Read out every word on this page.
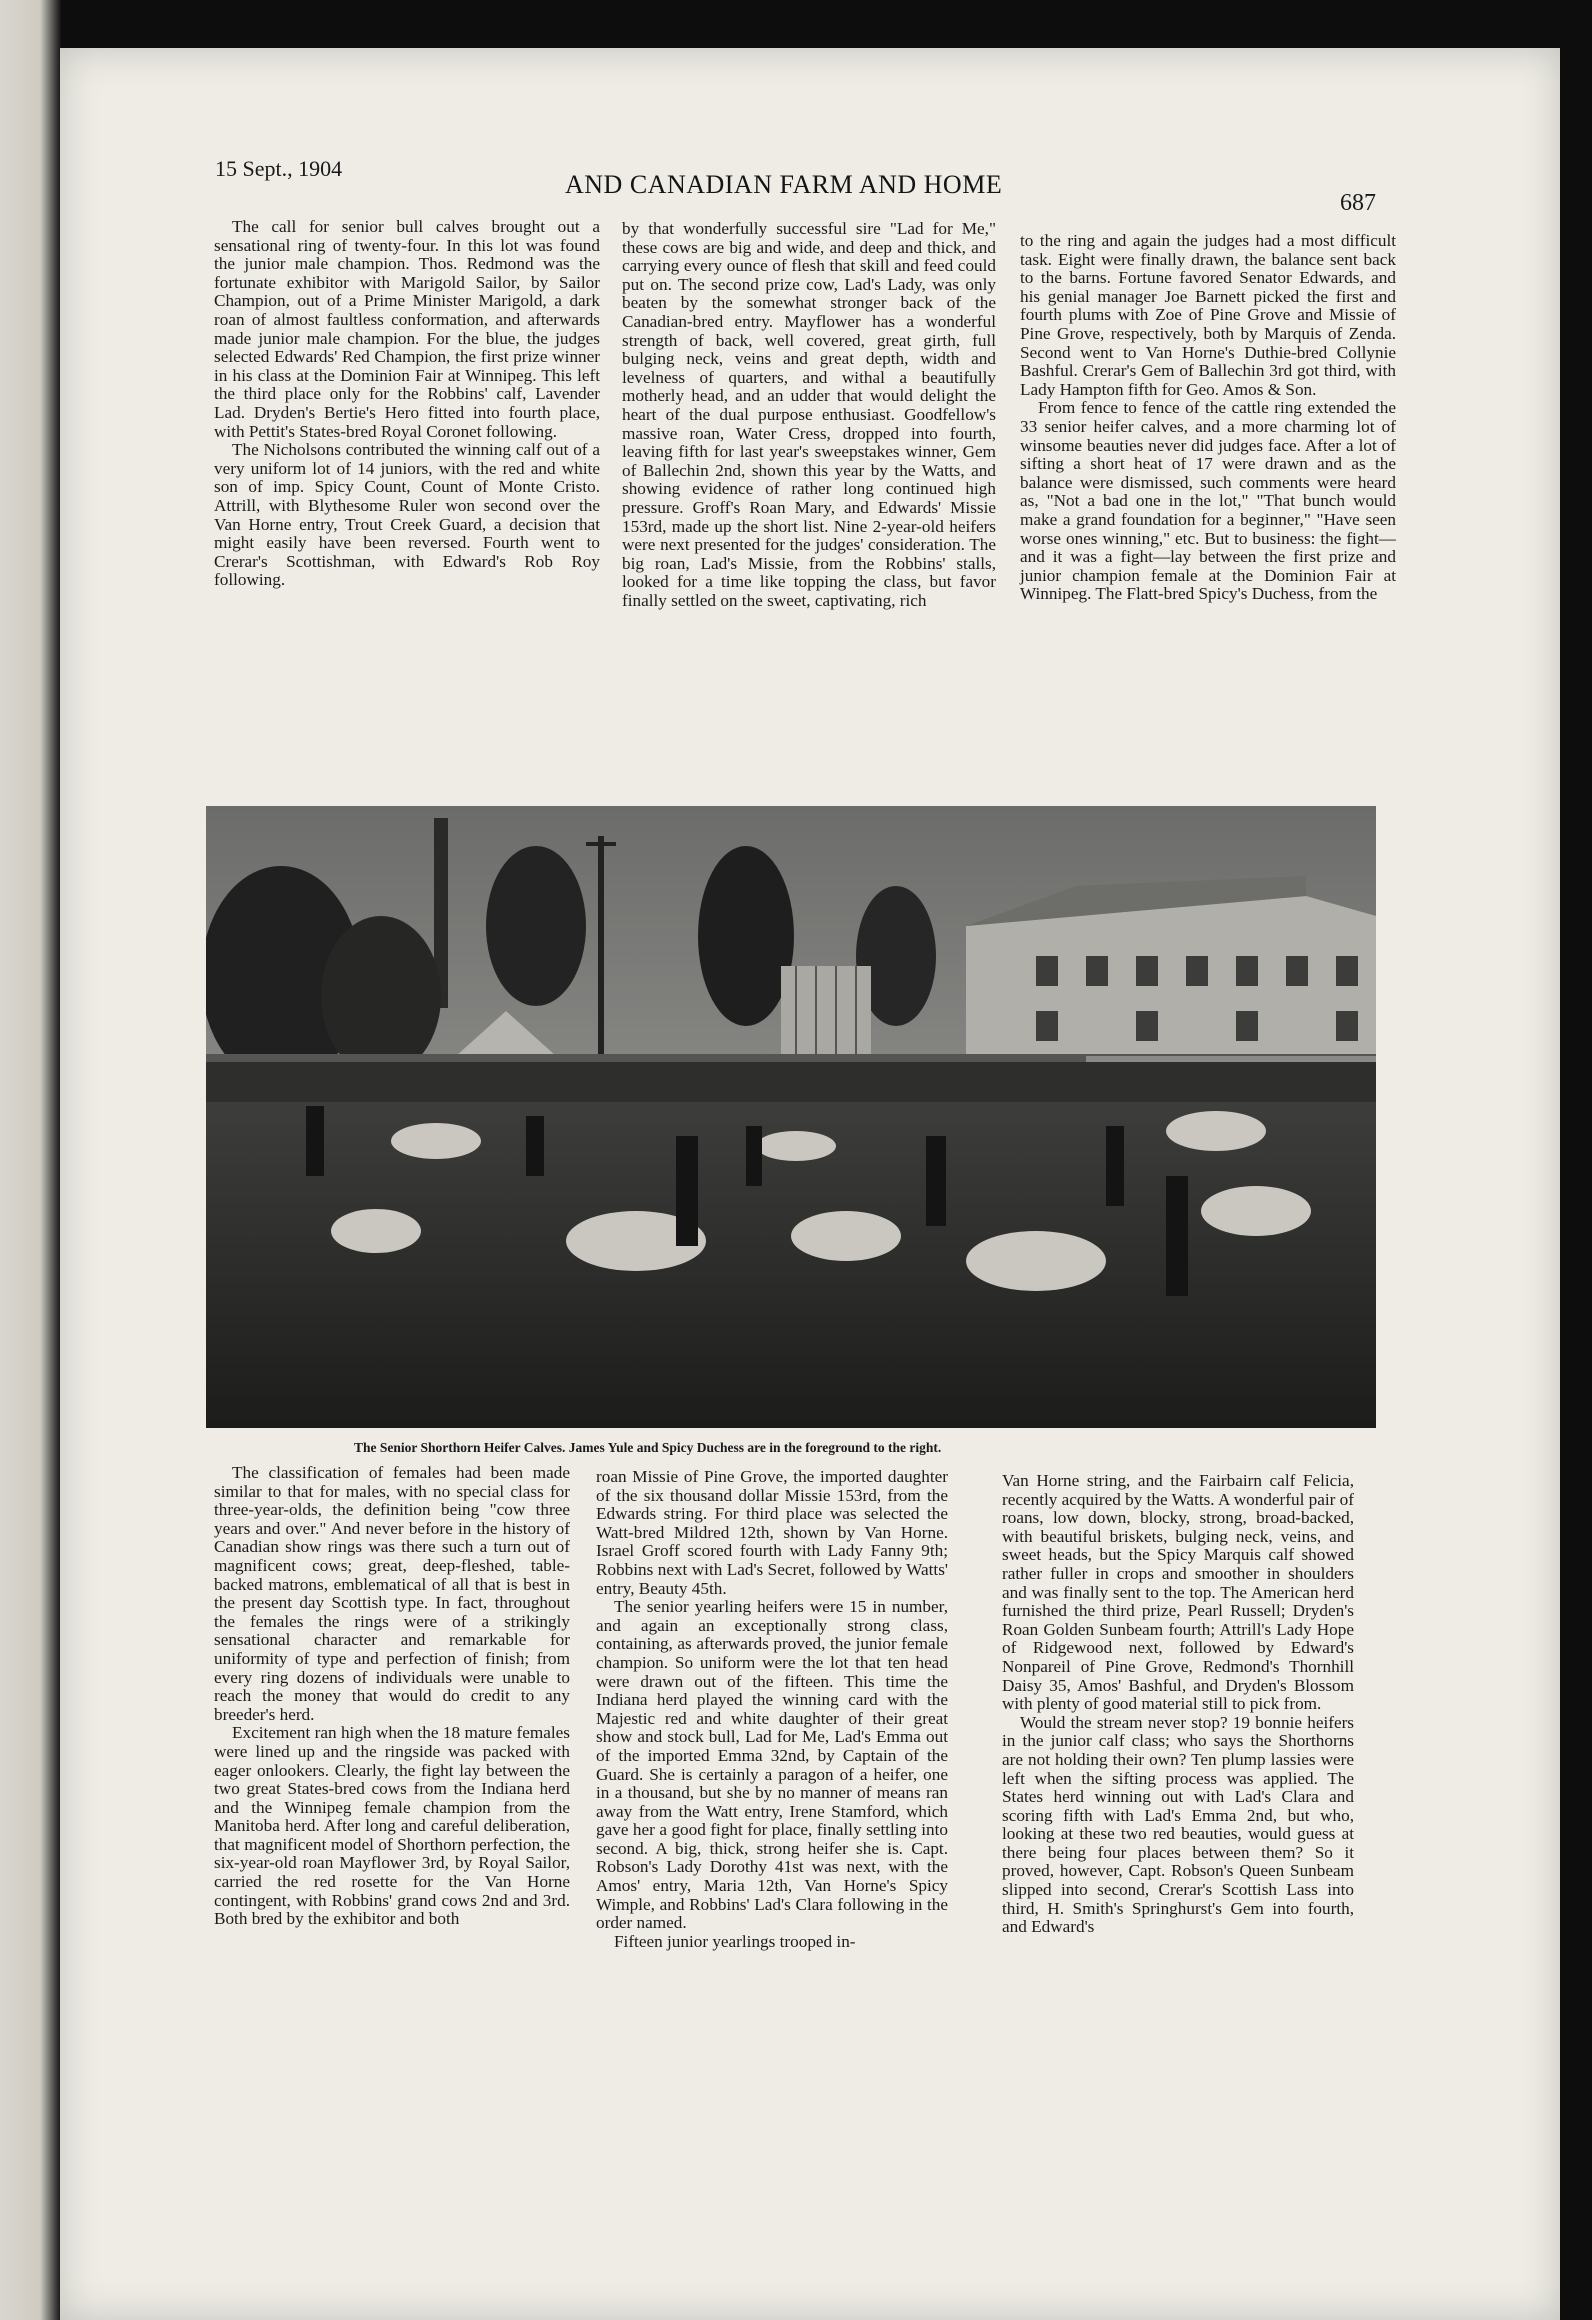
15 Sept., 1904
AND CANADIAN FARM AND HOME
687

The call for senior bull calves brought out a sensational ring of twenty-four. In this lot was found the junior male champion. Thos. Redmond was the fortunate exhibitor with Marigold Sailor, by Sailor Champion, out of a Prime Minister Marigold, a dark roan of almost faultless conformation, and afterwards made junior male champion. For the blue, the judges selected Edwards' Red Champion, the first prize winner in his class at the Dominion Fair at Winnipeg. This left the third place only for the Robbins' calf, Lavender Lad. Dryden's Bertie's Hero fitted into fourth place, with Pettit's States-bred Royal Coronet following.

The Nicholsons contributed the winning calf out of a very uniform lot of 14 juniors, with the red and white son of imp. Spicy Count, Count of Monte Cristo. Attrill, with Blythesome Ruler won second over the Van Horne entry, Trout Creek Guard, a decision that might easily have been reversed. Fourth went to Crerar's Scottishman, with Edward's Rob Roy following.

by that wonderfully successful sire "Lad for Me," these cows are big and wide, and deep and thick, and carrying every ounce of flesh that skill and feed could put on. The second prize cow, Lad's Lady, was only beaten by the somewhat stronger back of the Canadian-bred entry. Mayflower has a wonderful strength of back, well covered, great girth, full bulging neck, veins and great depth, width and levelness of quarters, and withal a beautifully motherly head, and an udder that would delight the heart of the dual purpose enthusiast. Goodfellow's massive roan, Water Cress, dropped into fourth, leaving fifth for last year's sweepstakes winner, Gem of Ballechin 2nd, shown this year by the Watts, and showing evidence of rather long continued high pressure. Groff's Roan Mary, and Edwards' Missie 153rd, made up the short list. Nine 2-year-old heifers were next presented for the judges' consideration. The big roan, Lad's Missie, from the Robbins' stalls, looked for a time like topping the class, but favor finally settled on the sweet, captivating, rich

to the ring and again the judges had a most difficult task. Eight were finally drawn, the balance sent back to the barns. Fortune favored Senator Edwards, and his genial manager Joe Barnett picked the first and fourth plums with Zoe of Pine Grove and Missie of Pine Grove, respectively, both by Marquis of Zenda. Second went to Van Horne's Duthie-bred Collynie Bashful. Crerar's Gem of Ballechin 3rd got third, with Lady Hampton fifth for Geo. Amos & Son.

From fence to fence of the cattle ring extended the 33 senior heifer calves, and a more charming lot of winsome beauties never did judges face. After a lot of sifting a short heat of 17 were drawn and as the balance were dismissed, such comments were heard as, "Not a bad one in the lot," "That bunch would make a grand foundation for a beginner," "Have seen worse ones winning," etc. But to business: the fight—and it was a fight—lay between the first prize and junior champion female at the Dominion Fair at Winnipeg. The Flatt-bred Spicy's Duchess, from the

The Senior Shorthorn Heifer Calves. James Yule and Spicy Duchess are in the foreground to the right.

The classification of females had been made similar to that for males, with no special class for three-year-olds, the definition being "cow three years and over." And never before in the history of Canadian show rings was there such a turn out of magnificent cows; great, deep-fleshed, table-backed matrons, emblematical of all that is best in the present day Scottish type. In fact, throughout the females the rings were of a strikingly sensational character and remarkable for uniformity of type and perfection of finish; from every ring dozens of individuals were unable to reach the money that would do credit to any breeder's herd.

Excitement ran high when the 18 mature females were lined up and the ringside was packed with eager onlookers. Clearly, the fight lay between the two great States-bred cows from the Indiana herd and the Winnipeg female champion from the Manitoba herd. After long and careful deliberation, that magnificent model of Shorthorn perfection, the six-year-old roan Mayflower 3rd, by Royal Sailor, carried the red rosette for the Van Horne contingent, with Robbins' grand cows 2nd and 3rd. Both bred by the exhibitor and both

roan Missie of Pine Grove, the imported daughter of the six thousand dollar Missie 153rd, from the Edwards string. For third place was selected the Watt-bred Mildred 12th, shown by Van Horne. Israel Groff scored fourth with Lady Fanny 9th; Robbins next with Lad's Secret, followed by Watts' entry, Beauty 45th.

The senior yearling heifers were 15 in number, and again an exceptionally strong class, containing, as afterwards proved, the junior female champion. So uniform were the lot that ten head were drawn out of the fifteen. This time the Indiana herd played the winning card with the Majestic red and white daughter of their great show and stock bull, Lad for Me, Lad's Emma out of the imported Emma 32nd, by Captain of the Guard. She is certainly a paragon of a heifer, one in a thousand, but she by no manner of means ran away from the Watt entry, Irene Stamford, which gave her a good fight for place, finally settling into second. A big, thick, strong heifer she is. Capt. Robson's Lady Dorothy 41st was next, with the Amos' entry, Maria 12th, Van Horne's Spicy Wimple, and Robbins' Lad's Clara following in the order named.

Fifteen junior yearlings trooped in-

Van Horne string, and the Fairbairn calf Felicia, recently acquired by the Watts. A wonderful pair of roans, low down, blocky, strong, broad-backed, with beautiful briskets, bulging neck, veins, and sweet heads, but the Spicy Marquis calf showed rather fuller in crops and smoother in shoulders and was finally sent to the top. The American herd furnished the third prize, Pearl Russell; Dryden's Roan Golden Sunbeam fourth; Attrill's Lady Hope of Ridgewood next, followed by Edward's Nonpareil of Pine Grove, Redmond's Thornhill Daisy 35, Amos' Bashful, and Dryden's Blossom with plenty of good material still to pick from.

Would the stream never stop? 19 bonnie heifers in the junior calf class; who says the Shorthorns are not holding their own? Ten plump lassies were left when the sifting process was applied. The States herd winning out with Lad's Clara and scoring fifth with Lad's Emma 2nd, but who, looking at these two red beauties, would guess at there being four places between them? So it proved, however, Capt. Robson's Queen Sunbeam slipped into second, Crerar's Scottish Lass into third, H. Smith's Springhurst's Gem into fourth, and Edward's
